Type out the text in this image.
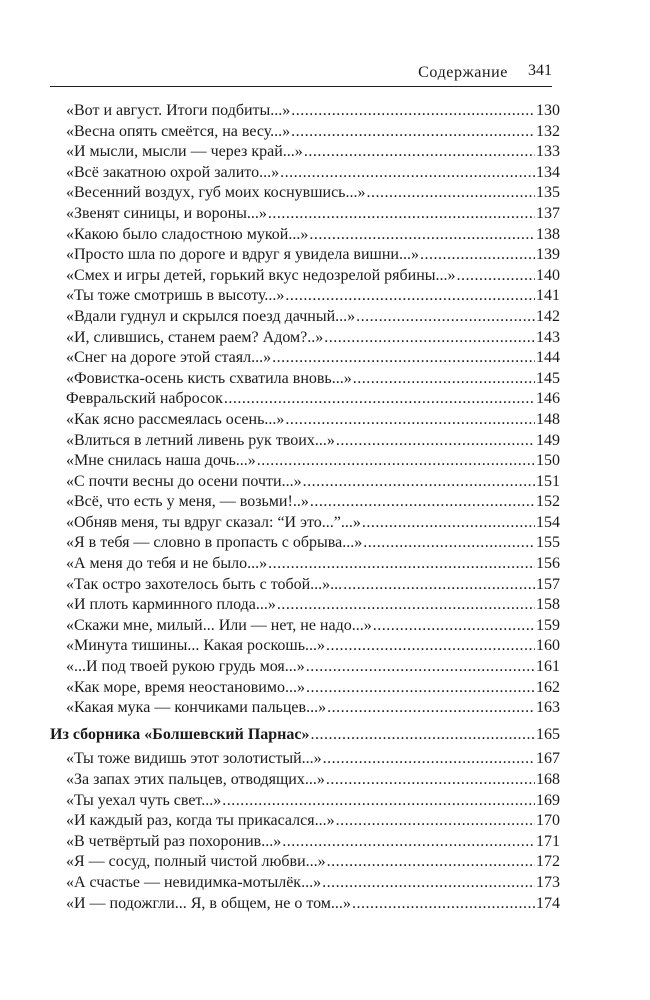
Содержание 341
«Вот и август. Итоги подбиты...» .....	130
«Весна опять смеётся, на весу...» .....	132
«И мысли, мысли — через край...» .....	133
«Всё закатною охрой залито...» .....	134
«Весенний воздух, губ моих коснувшись...» .....	135
«Звенят синицы, и вороны...» .....	137
«Какою было сладостною мукой...» .....	138
«Просто шла по дороге и вдруг я увидела вишни...» .....	139
«Смех и игры детей, горький вкус недозрелой рябины...» .....	140
«Ты тоже смотришь в высоту...» .....	141
«Вдали гуднул и скрылся поезд дачный...» .....	142
«И, слившись, станем раем? Адом?..» .....	143
«Снег на дороге этой стаял...» .....	144
«Фовистка-осень кисть схватила вновь...» .....	145
Февральский набросок .....	146
«Как ясно рассмеялась осень...» .....	148
«Влиться в летний ливень рук твоих...» .....	149
«Мне снилась наша дочь...» .....	150
«С почти весны до осени почти...» .....	151
«Всё, что есть у меня, — возьми!..» .....	152
«Обняв меня, ты вдруг сказал: “И это...”...» .....	154
«Я в тебя — словно в пропасть с обрыва...» .....	155
«А меня до тебя и не было...» .....	156
«Так остро захотелось быть с тобой...»... .....	157
«И плоть карминного плода...» .....	158
«Скажи мне, милый... Или — нет, не надо...» .....	159
«Минута тишины... Какая роскошь...» .....	160
«...И под твоей рукою грудь моя...» .....	161
«Как море, время неостановимо...» .....	162
«Какая мука — кончиками пальцев...» .....	163
Из сборника «Болшевский Парнас» .....	165
«Ты тоже видишь этот золотистый...» .....	167
«За запах этих пальцев, отводящих...» .....	168
«Ты уехал чуть свет...» .....	169
«И каждый раз, когда ты прикасался...» .....	170
«В четвёртый раз похоронив...» .....	171
«Я — сосуд, полный чистой любви...» .....	172
«А счастье — невидимка-мотылёк...» .....	173
«И — подожгли... Я, в общем, не о том...» .....	174
